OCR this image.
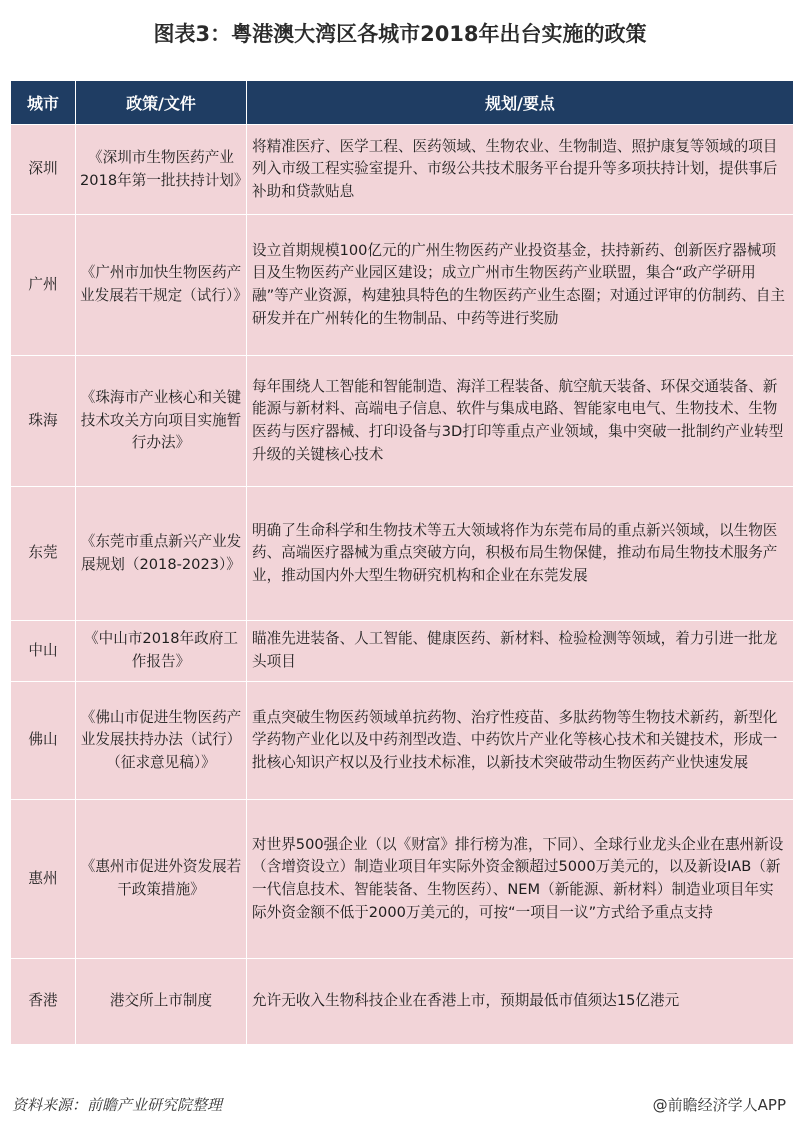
图表3：粤港澳大湾区各城市2018年出台实施的政策
城市	政策/文件	规划/要点
深圳	《深圳市生物医药产业2018年第一批扶持计划》	将精准医疗、医学工程、医药领域、生物农业、生物制造、照护康复等领域的项目列入市级工程实验室提升、市级公共技术服务平台提升等多项扶持计划，提供事后补助和贷款贴息
广州	《广州市加快生物医药产业发展若干规定（试行）》	设立首期规模100亿元的广州生物医药产业投资基金，扶持新药、创新医疗器械项目及生物医药产业园区建设；成立广州市生物医药产业联盟，集合“政产学研用融”等产业资源，构建独具特色的生物医药产业生态圈；对通过评审的仿制药、自主研发并在广州转化的生物制品、中药等进行奖励
珠海	《珠海市产业核心和关键技术攻关方向项目实施暂行办法》	每年围绕人工智能和智能制造、海洋工程装备、航空航天装备、环保交通装备、新能源与新材料、高端电子信息、软件与集成电路、智能家电电气、生物技术、生物医药与医疗器械、打印设备与3D打印等重点产业领域，集中突破一批制约产业转型升级的关键核心技术
东莞	《东莞市重点新兴产业发展规划（2018-2023）》	明确了生命科学和生物技术等五大领域将作为东莞布局的重点新兴领域，以生物医药、高端医疗器械为重点突破方向，积极布局生物保健，推动布局生物技术服务产业，推动国内外大型生物研究机构和企业在东莞发展
中山	《中山市2018年政府工作报告》	瞄准先进装备、人工智能、健康医药、新材料、检验检测等领域，着力引进一批龙头项目
佛山	《佛山市促进生物医药产业发展扶持办法（试行）（征求意见稿）》	重点突破生物医药领域单抗药物、治疗性疫苗、多肽药物等生物技术新药，新型化学药物产业化以及中药剂型改造、中药饮片产业化等核心技术和关键技术，形成一批核心知识产权以及行业技术标准，以新技术突破带动生物医药产业快速发展
惠州	《惠州市促进外资发展若干政策措施》	对世界500强企业（以《财富》排行榜为准，下同）、全球行业龙头企业在惠州新设（含增资设立）制造业项目年实际外资金额超过5000万美元的，以及新设IAB（新一代信息技术、智能装备、生物医药）、NEM（新能源、新材料）制造业项目年实际外资金额不低于2000万美元的，可按“一项目一议”方式给予重点支持
香港	港交所上市制度	允许无收入生物科技企业在香港上市，预期最低市值须达15亿港元
资料来源：前瞻产业研究院整理	@前瞻经济学人APP
